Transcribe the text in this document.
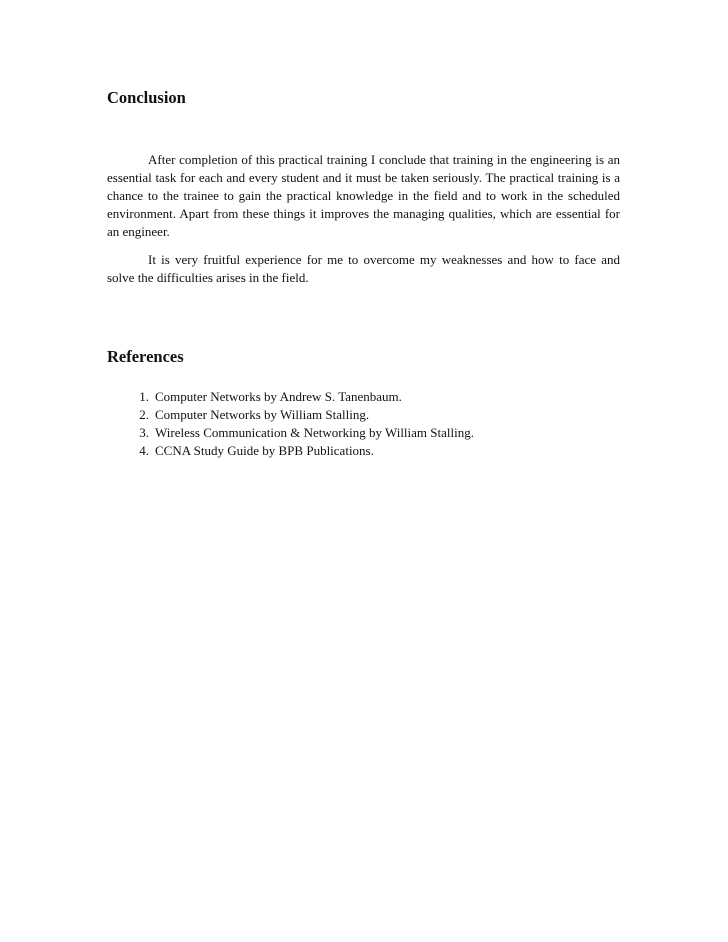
Conclusion

After completion of this practical training I conclude that training in the engineering is an essential task for each and every student and it must be taken seriously. The practical training is a chance to the trainee to gain the practical knowledge in the field and to work in the scheduled environment. Apart from these things it improves the managing qualities, which are essential for an engineer.

It is very fruitful experience for me to overcome my weaknesses and how to face and solve the difficulties arises in the field.

References
1. Computer Networks by Andrew S. Tanenbaum.
2. Computer Networks by William Stalling.
3. Wireless Communication & Networking by William Stalling.
4. CCNA Study Guide by BPB Publications.
